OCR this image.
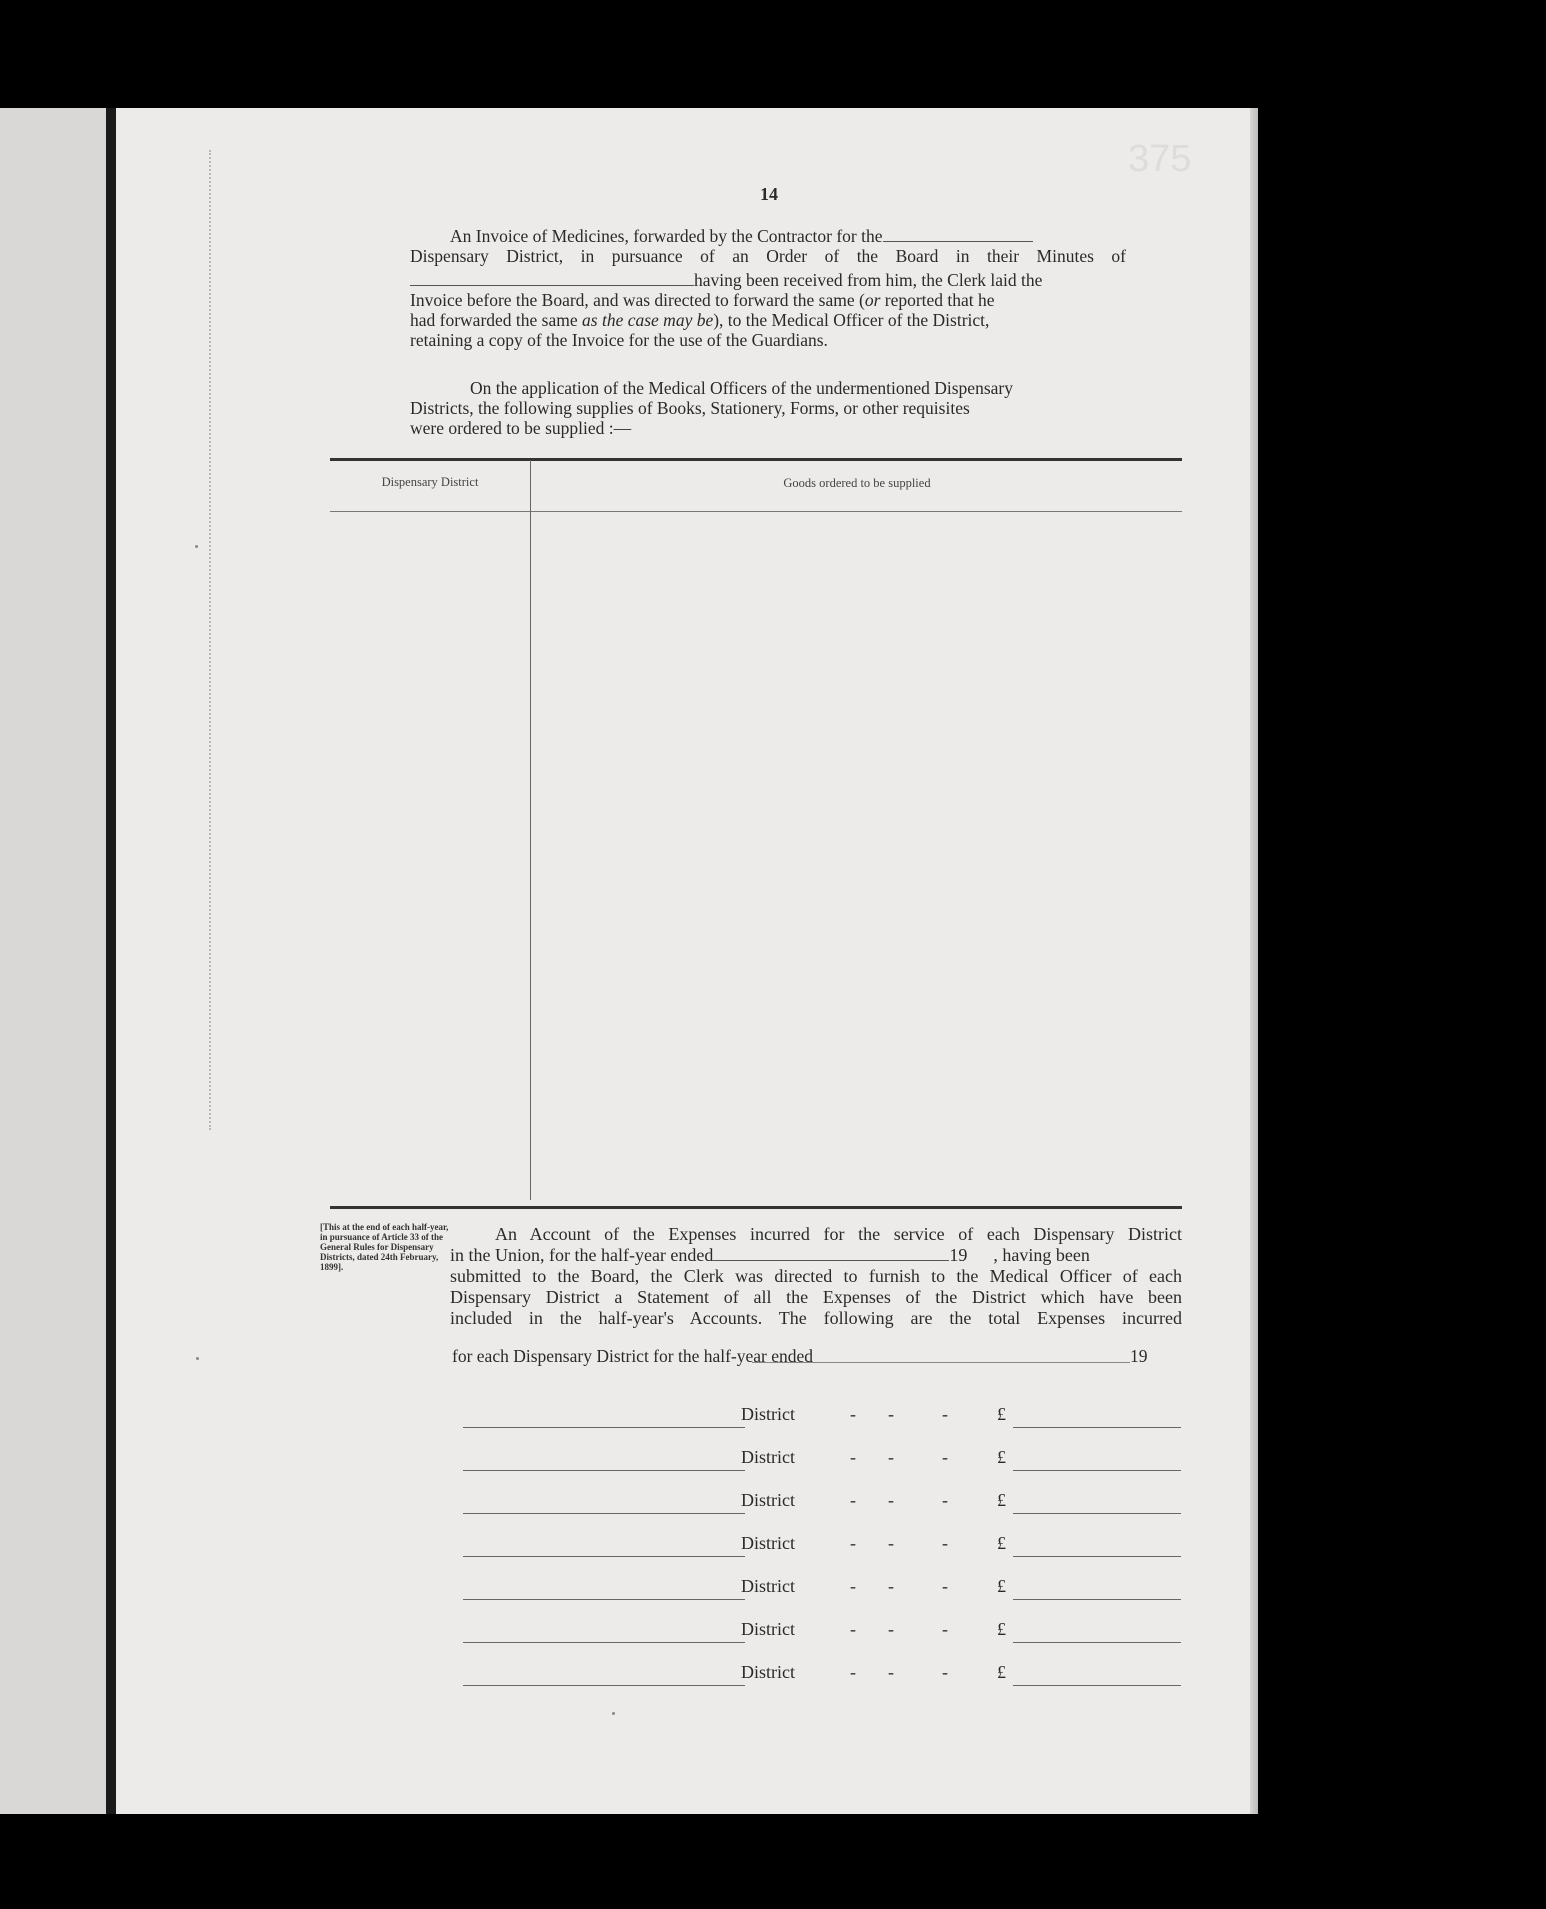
375
14

An Invoice of Medicines, forwarded by the Contractor for the

Dispensary District, in pursuance of an Order of the Board in their Minutes of

having been received from him, the Clerk laid the

Invoice before the Board, and was directed to forward the same (or reported that he

had forwarded the same as the case may be), to the Medical Officer of the District,

retaining a copy of the Invoice for the use of the Guardians.

On the application of the Medical Officers of the undermentioned Dispensary

Districts, the following supplies of Books, Stationery, Forms, or other requisites

were ordered to be supplied :—

Dispensary District	Goods ordered to be supplied
[This at the end of each half-year, in pursuance of Article 33 of the General Rules for Dispensary Districts, dated 24th February, 1899].
An Account of the Expenses incurred for the service of each Dispensary District
in the Union, for the half-year ended	19 , having been
submitted to the Board, the Clerk was directed to furnish to the Medical Officer of each
Dispensary District a Statement of all the Expenses of the District which have been
included in the half-year's Accounts. The following are the total Expenses incurred
for each Dispensary District for the half-year ended	19
District	- -	-	£
District	- -	-	£
District	- -	-	£
District	- -	-	£
District	- -	-	£
District	- -	-	£
District	- -	-	£
